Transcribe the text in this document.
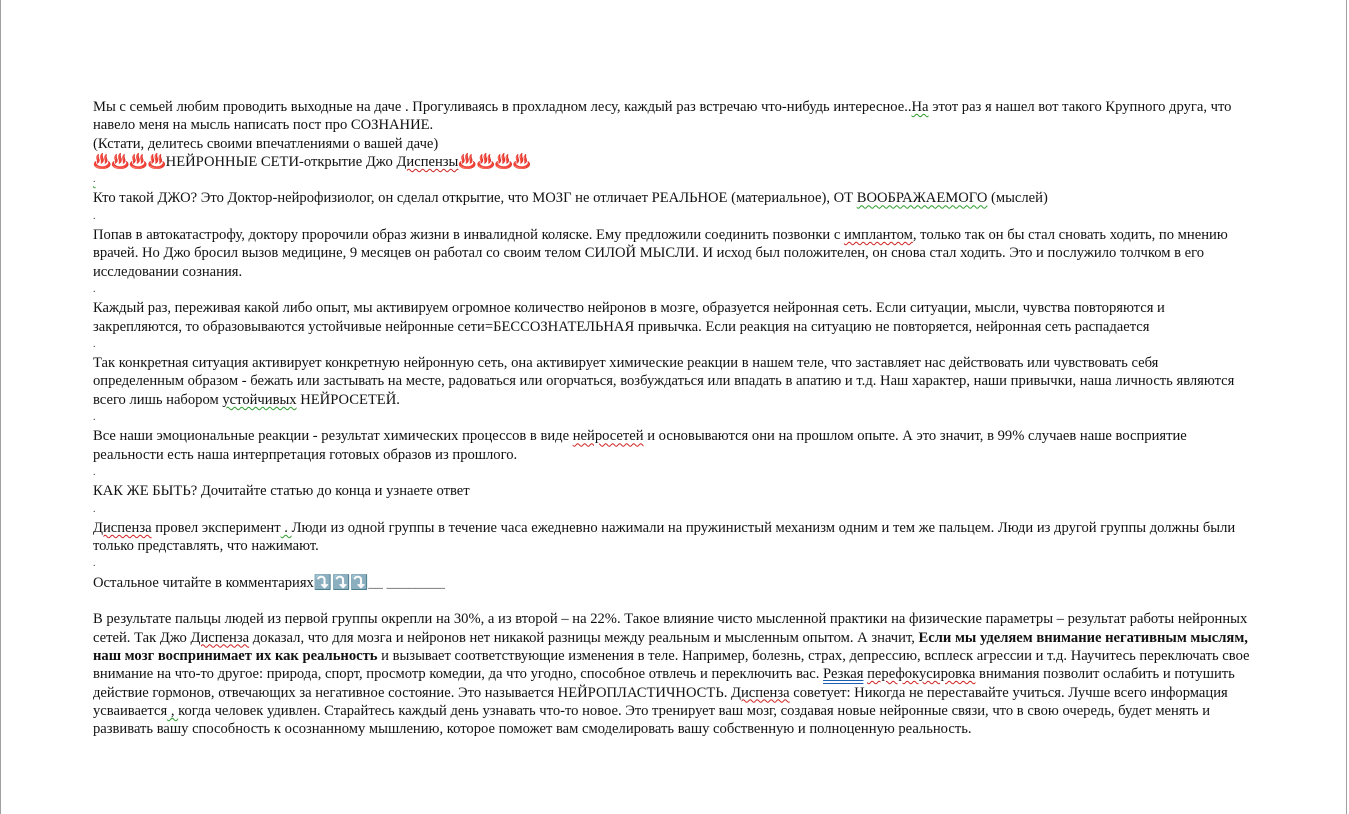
Мы с семьей любим проводить выходные на даче . Прогуливаясь в прохладном лесу, каждый раз встречаю что-нибудь интересное..На этот раз я нашел вот такого Крупного друга, что навело меня на мысль написать пост про СОЗНАНИЕ.

(Кстати, делитесь своими впечатлениями о вашей даче)

♨️♨️♨️♨️НЕЙРОННЫЕ СЕТИ-открытие Джо Диспензы♨️♨️♨️♨️

.

Кто такой ДЖО? Это Доктор-нейрофизиолог, он сделал открытие, что МОЗГ не отличает РЕАЛЬНОЕ (материальное), ОТ ВООБРАЖАЕМОГО (мыслей)

.

Попав в автокатастрофу, доктору пророчили образ жизни в инвалидной коляске. Ему предложили соединить позвонки с имплантом, только так он бы стал сновать ходить, по мнению врачей. Но Джо бросил вызов медицине, 9 месяцев он работал со своим телом СИЛОЙ МЫСЛИ. И исход был положителен, он снова стал ходить. Это и послужило толчком в его исследовании сознания.

.

Каждый раз, переживая какой либо опыт, мы активируем огромное количество нейронов в мозге, образуется нейронная сеть. Если ситуации, мысли, чувства повторяются и закрепляются, то образовываются устойчивые нейронные сети=БЕССОЗНАТЕЛЬНАЯ привычка. Если реакция на ситуацию не повторяется, нейронная сеть распадается

.

Так конкретная ситуация активирует конкретную нейронную сеть, она активирует химические реакции в нашем теле, что заставляет нас действовать или чувствовать себя определенным образом - бежать или застывать на месте, радоваться или огорчаться, возбуждаться или впадать в апатию и т.д. Наш характер, наши привычки, наша личность являются всего лишь набором устойчивых НЕЙРОСЕТЕЙ.

.

Все наши эмоциональные реакции - результат химических процессов в виде нейросетей и основываются они на прошлом опыте. А это значит, в 99% случаев наше восприятие реальности есть наша интерпретация готовых образов из прошлого.

.

КАК ЖЕ БЫТЬ? Дочитайте статью до конца и узнаете ответ

.

Диспенза провел эксперимент . Люди из одной группы в течение часа ежедневно нажимали на пружинистый механизм одним и тем же пальцем. Люди из другой группы должны были только представлять, что нажимают.

.

Остальное читайте в комментариях⤵️⤵️⤵️__ ________

В результате пальцы людей из первой группы окрепли на 30%, а из второй – на 22%. Такое влияние чисто мысленной практики на физические параметры – результат работы нейронных сетей. Так Джо Диспенза доказал, что для мозга и нейронов нет никакой разницы между реальным и мысленным опытом. А значит, Если мы уделяем внимание негативным мыслям, наш мозг воспринимает их как реальность и вызывает соответствующие изменения в теле. Например, болезнь, страх, депрессию, всплеск агрессии и т.д. Научитесь переключать свое внимание на что-то другое: природа, спорт, просмотр комедии, да что угодно, способное отвлечь и переключить вас. Резкая перефокусировка внимания позволит ослабить и потушить действие гормонов, отвечающих за негативное состояние. Это называется НЕЙРОПЛАСТИЧНОСТЬ. Диспенза советует: Никогда не переставайте учиться. Лучше всего информация усваивается , когда человек удивлен. Старайтесь каждый день узнавать что-то новое. Это тренирует ваш мозг, создавая новые нейронные связи, что в свою очередь, будет менять и развивать вашу способность к осознанному мышлению, которое поможет вам смоделировать вашу собственную и полноценную реальность.
